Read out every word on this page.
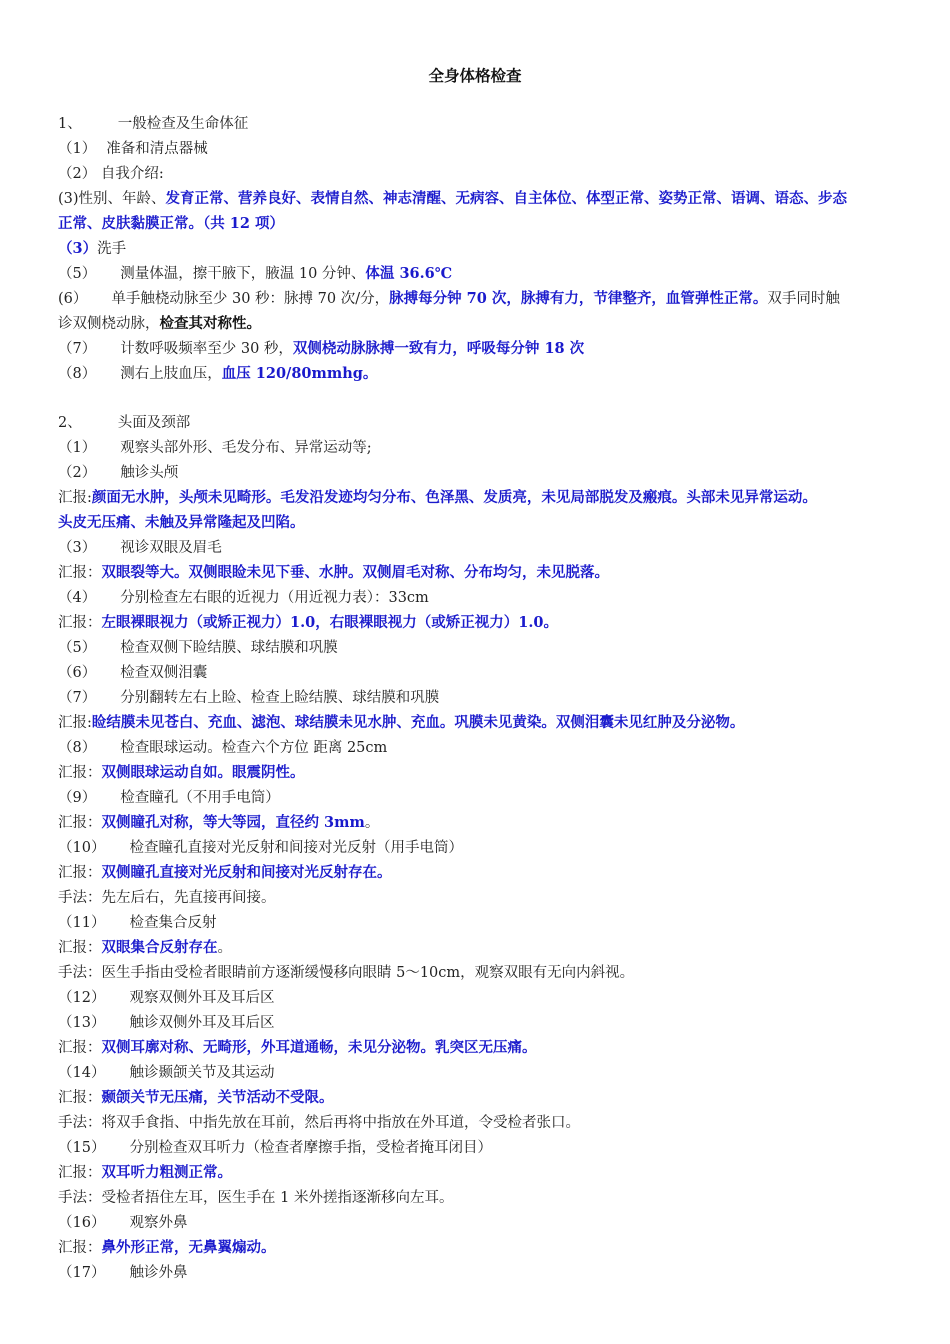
全身体格检查
1、 一般检查及生命体征
（1） 准备和清点器械
（2） 自我介绍:
(3)性别、年龄、发育正常、营养良好、表情自然、神志清醒、无病容、自主体位、体型正常、姿势正常、语调、语态、步态
正常、皮肤黏膜正常。（共 12 项）
（3）洗手
（5） 测量体温，擦干腋下，腋温 10 分钟、体温 36.6℃
(6） 单手触桡动脉至少 30 秒：脉搏 70 次/分，脉搏每分钟 70 次，脉搏有力，节律整齐，血管弹性正常。双手同时触
诊双侧桡动脉，检查其对称性。
（7） 计数呼吸频率至少 30 秒，双侧桡动脉脉搏一致有力，呼吸每分钟 18 次
（8） 测右上肢血压，血压 120/80mmhg。
2、 头面及颈部
（1） 观察头部外形、毛发分布、异常运动等;
（2） 触诊头颅
汇报:颜面无水肿，头颅未见畸形。毛发沿发迹均匀分布、色泽黑、发质亮，未见局部脱发及瘢痕。头部未见异常运动。
头皮无压痛、未触及异常隆起及凹陷。
（3） 视诊双眼及眉毛
汇报：双眼裂等大。双侧眼睑未见下垂、水肿。双侧眉毛对称、分布均匀，未见脱落。
（4） 分别检查左右眼的近视力（用近视力表）：33cm
汇报：左眼裸眼视力（或矫正视力）1.0，右眼裸眼视力（或矫正视力）1.0。
（5） 检查双侧下睑结膜、球结膜和巩膜
（6） 检查双侧泪囊
（7） 分别翻转左右上睑、检查上睑结膜、球结膜和巩膜
汇报:睑结膜未见苍白、充血、滤泡、球结膜未见水肿、充血。巩膜未见黄染。双侧泪囊未见红肿及分泌物。
（8） 检查眼球运动。检查六个方位 距离 25cm
汇报：双侧眼球运动自如。眼震阴性。
（9） 检查瞳孔（不用手电筒）
汇报：双侧瞳孔对称，等大等园，直径约 3mm。
（10） 检查瞳孔直接对光反射和间接对光反射（用手电筒）
汇报：双侧瞳孔直接对光反射和间接对光反射存在。
手法：先左后右，先直接再间接。
（11） 检查集合反射
汇报：双眼集合反射存在。
手法：医生手指由受检者眼睛前方逐渐缓慢移向眼睛 5～10cm，观察双眼有无向内斜视。
（12） 观察双侧外耳及耳后区
（13） 触诊双侧外耳及耳后区
汇报：双侧耳廓对称、无畸形，外耳道通畅，未见分泌物。乳突区无压痛。
（14） 触诊颞颌关节及其运动
汇报：颞颌关节无压痛，关节活动不受限。
手法：将双手食指、中指先放在耳前，然后再将中指放在外耳道，令受检者张口。
（15） 分别检查双耳听力（检查者摩擦手指，受检者掩耳闭目）
汇报：双耳听力粗测正常。
手法：受检者捂住左耳，医生手在 1 米外搓指逐渐移向左耳。
（16） 观察外鼻
汇报：鼻外形正常，无鼻翼煽动。
（17） 触诊外鼻
